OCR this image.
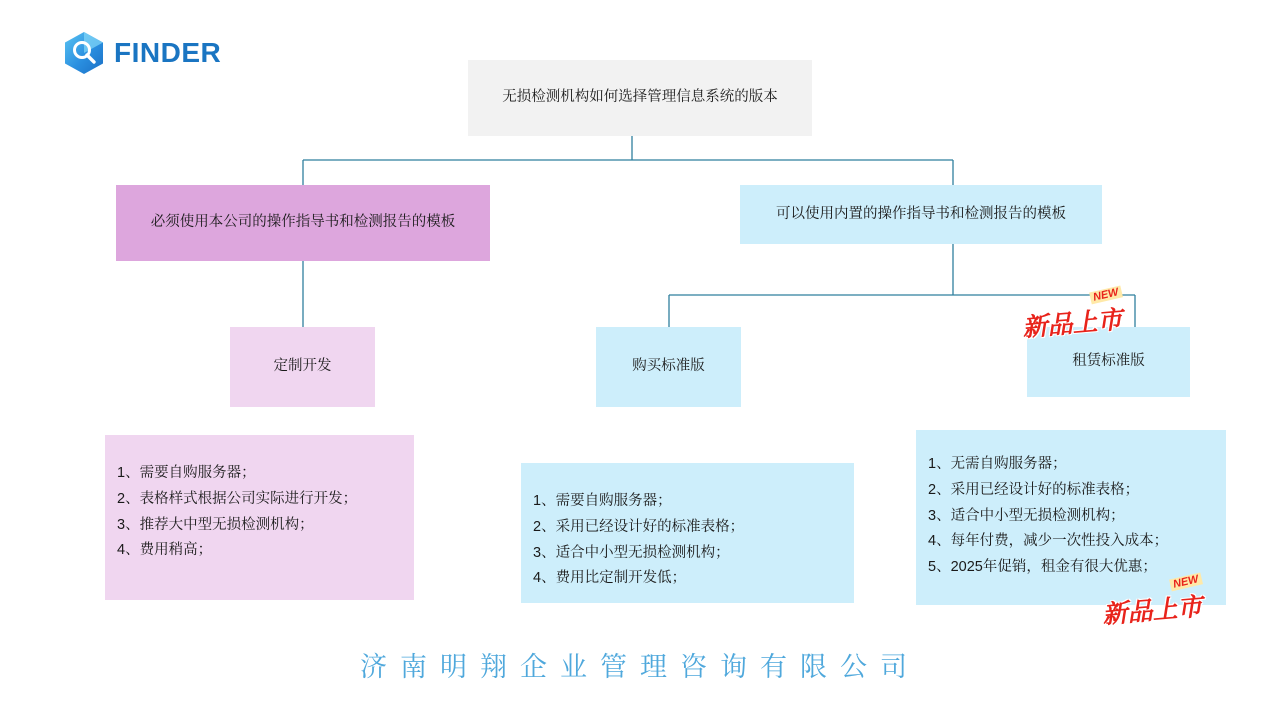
FINDER
无损检测机构如何选择管理信息系统的版本
必须使用本公司的操作指导书和检测报告的模板
可以使用内置的操作指导书和检测报告的模板
定制开发	购买标准版	租赁标准版
1、需要自购服务器；
2、表格样式根据公司实际进行开发；
3、推荐大中型无损检测机构；
4、费用稍高；
1、需要自购服务器；
2、采用已经设计好的标准表格；
3、适合中小型无损检测机构；
4、费用比定制开发低；
1、无需自购服务器；
2、采用已经设计好的标准表格；
3、适合中小型无损检测机构；
4、每年付费，减少一次性投入成本；
5、2025年促销，租金有很大优惠；
NEW
新品上市
NEW
新品上市
济南明翔企业管理咨询有限公司
